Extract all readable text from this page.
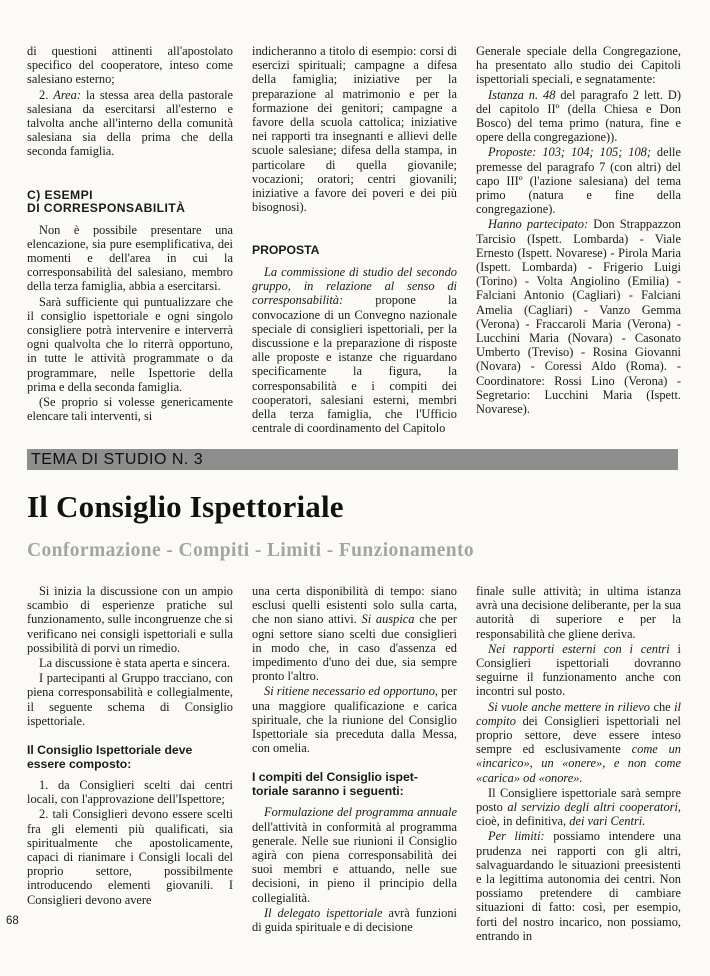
di questioni attinenti all'apostolato specifico del cooperatore, inteso come salesiano esterno;

2. Area: la stessa area della pastorale salesiana da esercitarsi all'esterno e talvolta anche all'interno della comunità salesiana sia della prima che della seconda famiglia.

C) ESEMPI
DI CORRESPONSABILITÀ

Non è possibile presentare una elencazione, sia pure esemplificativa, dei momenti e dell'area in cui la corresponsabilità del salesiano, membro della terza famiglia, abbia a esercitarsi.

Sarà sufficiente qui puntualizzare che il consiglio ispettoriale e ogni singolo consigliere potrà intervenire e interverrà ogni qualvolta che lo riterrà opportuno, in tutte le attività programmate o da programmare, nelle Ispettorie della prima e della seconda famiglia.

(Se proprio si volesse genericamente elencare tali interventi, si

indicheranno a titolo di esempio: corsi di esercizi spirituali; campagne a difesa della famiglia; iniziative per la preparazione al matrimonio e per la formazione dei genitori; campagne a favore della scuola cattolica; iniziative nei rapporti tra insegnanti e allievi delle scuole salesiane; difesa della stampa, in particolare di quella giovanile; vocazioni; oratori; centri giovanili; iniziative a favore dei poveri e dei più bisognosi).

PROPOSTA

La commissione di studio del secondo gruppo, in relazione al senso di corresponsabilità: propone la convocazione di un Convegno nazionale speciale di consiglieri ispettoriali, per la discussione e la preparazione di risposte alle proposte e istanze che riguardano specificamente la figura, la corresponsabilità e i compiti dei cooperatori, salesiani esterni, membri della terza famiglia, che l'Ufficio centrale di coordinamento del Capitolo

Generale speciale della Congregazione, ha presentato allo studio dei Capitoli ispettoriali speciali, e segnatamente:

Istanza n. 48 del paragrafo 2 lett. D) del capitolo IIº (della Chiesa e Don Bosco) del tema primo (natura, fine e opere della congregazione)).

Proposte: 103; 104; 105; 108; delle premesse del paragrafo 7 (con altri) del capo IIIº (l'azione salesiana) del tema primo (natura e fine della congregazione).

Hanno partecipato: Don Strappazzon Tarcisio (Ispett. Lombarda) - Viale Ernesto (Ispett. Novarese) - Pirola Maria (Ispett. Lombarda) - Frigerio Luigi (Torino) - Volta Angiolino (Emilia) - Falciani Antonio (Cagliari) - Falciani Amelia (Cagliari) - Vanzo Gemma (Verona) - Fraccaroli Maria (Verona) - Lucchini Maria (Novara) - Casonato Umberto (Treviso) - Rosina Giovanni (Novara) - Coressi Aldo (Roma). - Coordinatore: Rossi Lino (Verona) - Segretario: Lucchini Maria (Ispett. Novarese).

TEMA DI STUDIO N. 3
Il Consiglio Ispettoriale
Conformazione - Compiti - Limiti - Funzionamento

Si inizia la discussione con un ampio scambio di esperienze pratiche sul funzionamento, sulle incongruenze che si verificano nei consigli ispettoriali e sulla possibilità di porvi un rimedio.

La discussione è stata aperta e sincera.

I partecipanti al Gruppo tracciano, con piena corresponsabilità e collegialmente, il seguente schema di Consiglio ispettoriale.

Il Consiglio Ispettoriale deve
essere composto:

1. da Consiglieri scelti dai centri locali, con l'approvazione dell'Ispettore;

2. tali Consiglieri devono essere scelti fra gli elementi più qualificati, sia spiritualmente che apostolicamente, capaci di rianimare i Consigli locali del proprio settore, possibilmente introducendo elementi giovanili. I Consiglieri devono avere

una certa disponibilità di tempo: siano esclusi quelli esistenti solo sulla carta, che non siano attivi. Si auspica che per ogni settore siano scelti due consiglieri in modo che, in caso d'assenza ed impedimento d'uno dei due, sia sempre pronto l'altro.

Si ritiene necessario ed opportuno, per una maggiore qualificazione e carica spirituale, che la riunione del Consiglio Ispettoriale sia preceduta dalla Messa, con omelia.

I compiti del Consiglio ispet-
toriale saranno i seguenti:

Formulazione del programma annuale dell'attività in conformità al programma generale. Nelle sue riunioni il Consiglio agirà con piena corresponsabilità dei suoi membri e attuando, nelle sue decisioni, in pieno il principio della collegialità.

Il delegato ispettoriale avrà funzioni di guida spirituale e di decisione

finale sulle attività; in ultima istanza avrà una decisione deliberante, per la sua autorità di superiore e per la responsabilità che gliene deriva.

Nei rapporti esterni con i centri i Consiglieri ispettoriali dovranno seguirne il funzionamento anche con incontri sul posto.

Si vuole anche mettere in rilievo che il compito dei Consiglieri ispettoriali nel proprio settore, deve essere inteso sempre ed esclusivamente come un «incarico», un «onere», e non come «carica» od «onore».

Il Consigliere ispettoriale sarà sempre posto al servizio degli altri cooperatori, cioè, in definitiva, dei vari Centri.

Per limiti: possiamo intendere una prudenza nei rapporti con gli altri, salvaguardando le situazioni preesistenti e la legittima autonomia dei centri. Non possiamo pretendere di cambiare situazioni di fatto: così, per esempio, forti del nostro incarico, non possiamo, entrando in

68
